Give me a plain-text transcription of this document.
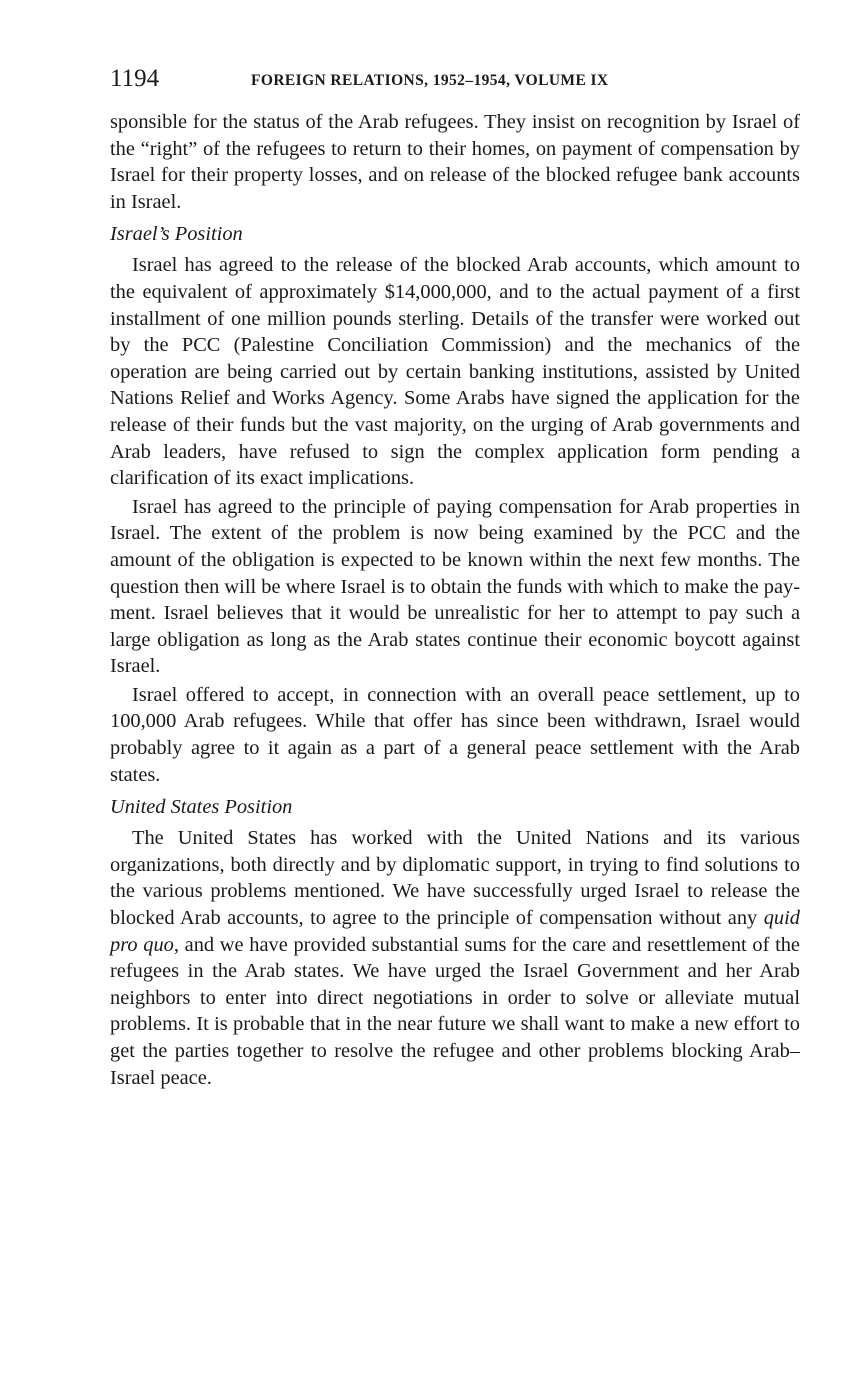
1194	FOREIGN RELATIONS, 1952–1954, VOLUME IX

sponsible for the status of the Arab refugees. They insist on recognition by Israel of the “right” of the refugees to return to their homes, on payment of compensation by Israel for their property losses, and on release of the blocked refugee bank accounts in Israel.

Israel’s Position

Israel has agreed to the release of the blocked Arab accounts, which amount to the equivalent of approximately $14,000,000, and to the actual payment of a first installment of one million pounds sterling. Details of the transfer were worked out by the PCC (Palestine Conciliation Commission) and the mechanics of the operation are being carried out by certain banking institutions, assisted by United Nations Relief and Works Agency. Some Arabs have signed the application for the release of their funds but the vast majority, on the urging of Arab governments and Arab leaders, have refused to sign the complex application form pending a clarification of its exact implications.

Israel has agreed to the principle of paying compensation for Arab properties in Israel. The extent of the problem is now being examined by the PCC and the amount of the obligation is expected to be known within the next few months. The question then will be where Israel is to obtain the funds with which to make the payment. Israel believes that it would be unrealistic for her to attempt to pay such a large obligation as long as the Arab states continue their economic boycott against Israel.

Israel offered to accept, in connection with an overall peace settlement, up to 100,000 Arab refugees. While that offer has since been withdrawn, Israel would probably agree to it again as a part of a general peace settlement with the Arab states.

United States Position

The United States has worked with the United Nations and its various organizations, both directly and by diplomatic support, in trying to find solutions to the various problems mentioned. We have successfully urged Israel to release the blocked Arab accounts, to agree to the principle of compensation without any quid pro quo, and we have provided substantial sums for the care and resettlement of the refugees in the Arab states. We have urged the Israel Government and her Arab neighbors to enter into direct negotiations in order to solve or alleviate mutual problems. It is probable that in the near future we shall want to make a new effort to get the parties together to resolve the refugee and other problems blocking Arab–Israel peace.
